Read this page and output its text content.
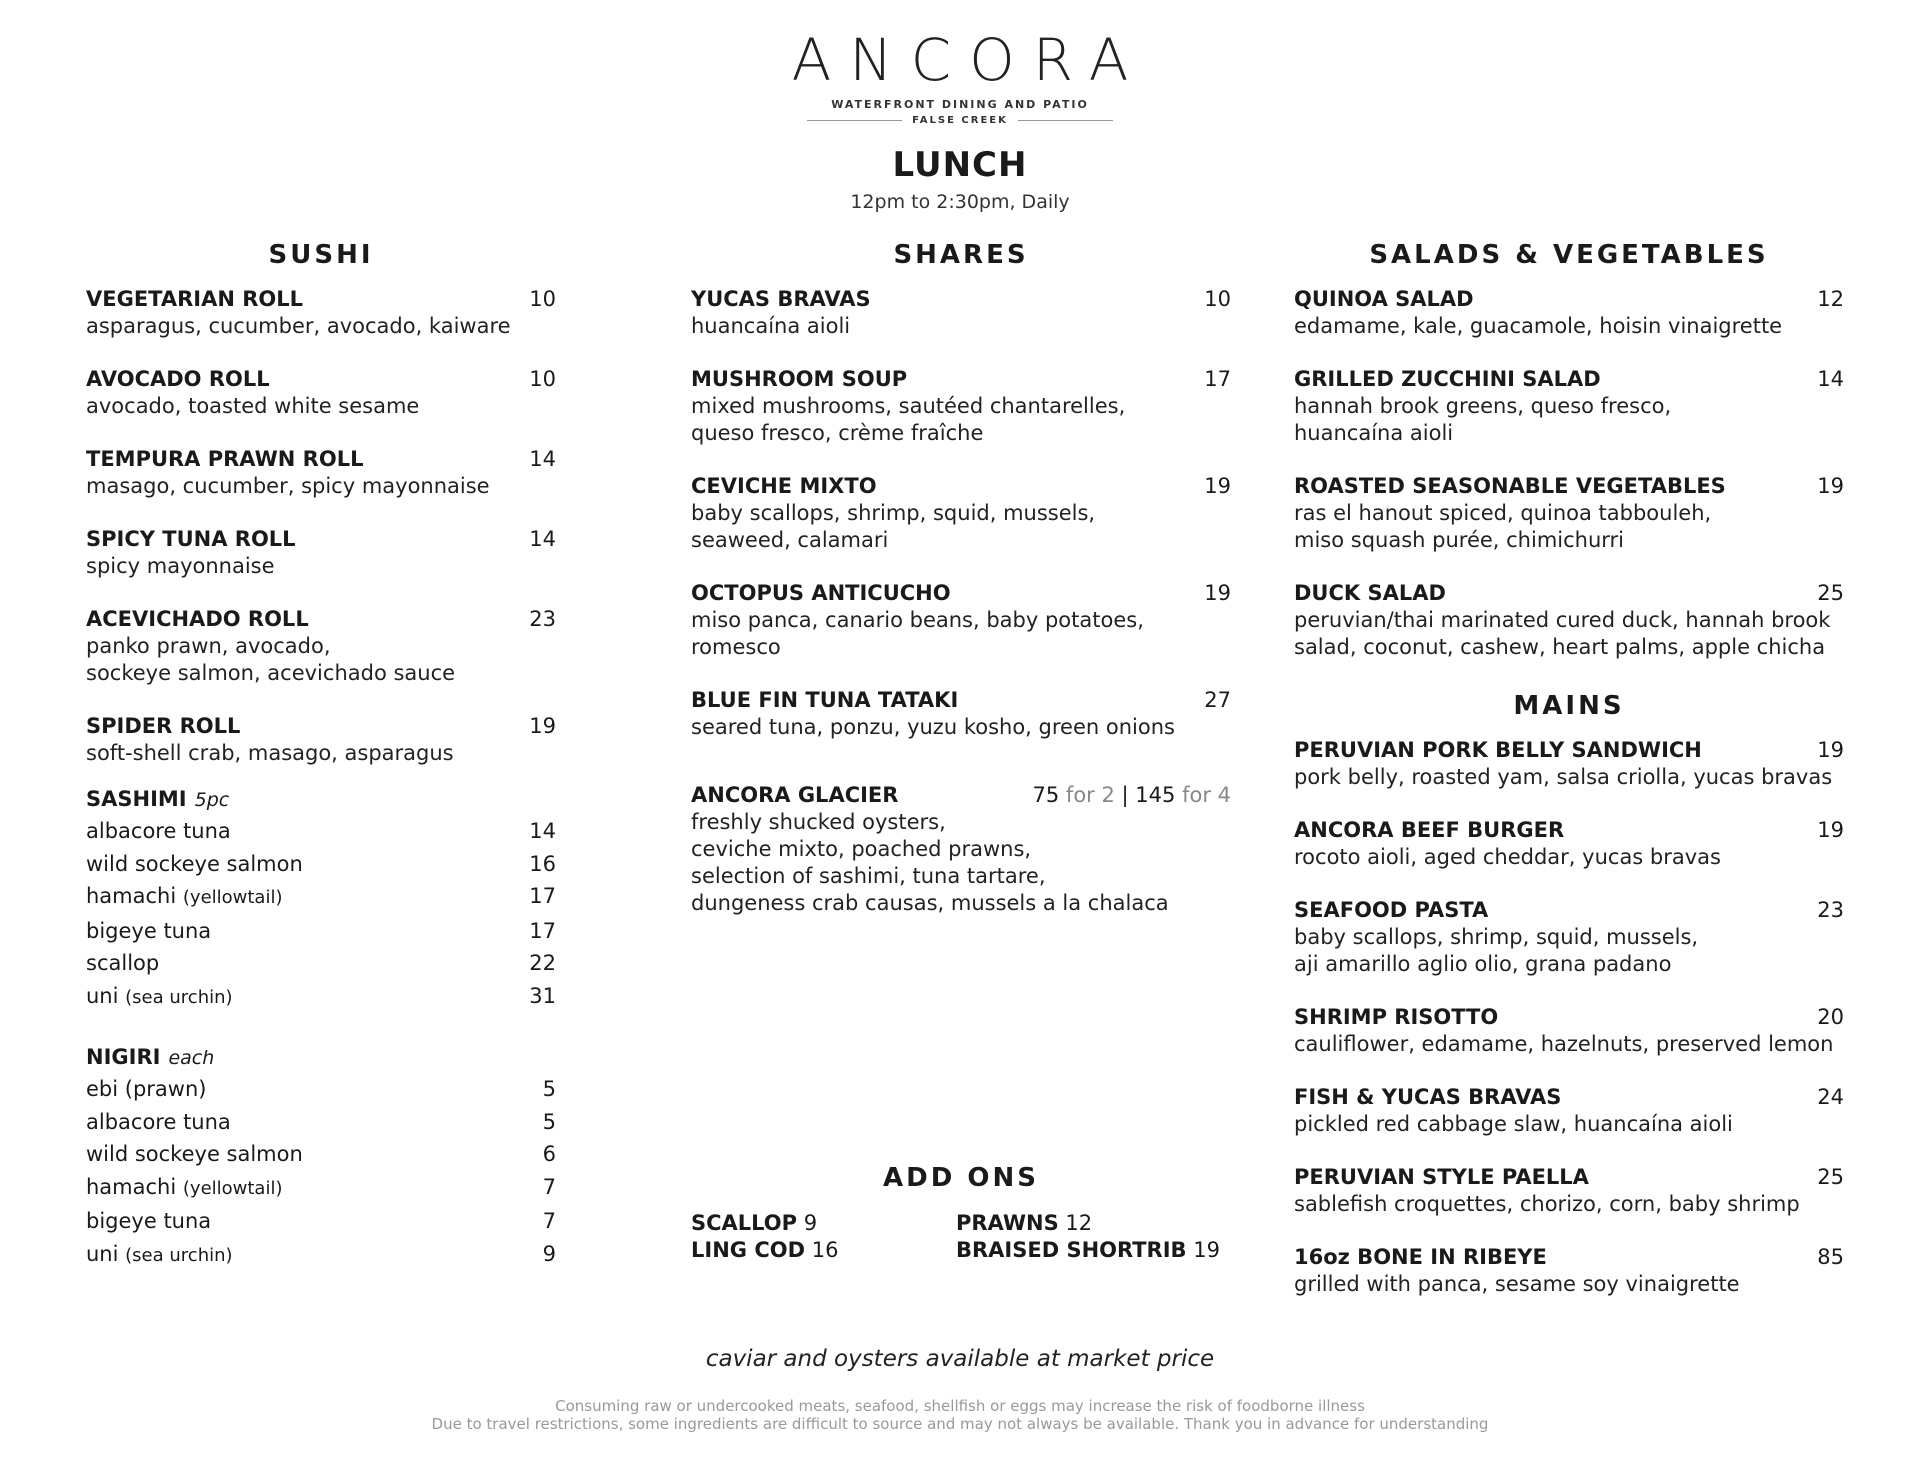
ANCORA
WATERFRONT DINING AND PATIO
FALSE CREEK
LUNCH
12pm to 2:30pm, Daily
SUSHI
VEGETARIAN ROLL	10
asparagus, cucumber, avocado, kaiware
AVOCADO ROLL	10
avocado, toasted white sesame
TEMPURA PRAWN ROLL	14
masago, cucumber, spicy mayonnaise
SPICY TUNA ROLL	14
spicy mayonnaise
ACEVICHADO ROLL	23
panko prawn, avocado,
sockeye salmon, acevichado sauce
SPIDER ROLL	19
soft-shell crab, masago, asparagus
SASHIMI 5pc
albacore tuna	14
wild sockeye salmon	16
hamachi (yellowtail)	17
bigeye tuna	17
scallop	22
uni (sea urchin)	31
NIGIRI each
ebi (prawn)	5
albacore tuna	5
wild sockeye salmon	6
hamachi (yellowtail)	7
bigeye tuna	7
uni (sea urchin)	9
SHARES
YUCAS BRAVAS	10
huancaína aioli
MUSHROOM SOUP	17
mixed mushrooms, sautéed chantarelles,
queso fresco, crème fraîche
CEVICHE MIXTO	19
baby scallops, shrimp, squid, mussels,
seaweed, calamari
OCTOPUS ANTICUCHO	19
miso panca, canario beans, baby potatoes,
romesco
BLUE FIN TUNA TATAKI	27
seared tuna, ponzu, yuzu kosho, green onions
ANCORA GLACIER	75 for 2 | 145 for 4
freshly shucked oysters,
ceviche mixto, poached prawns,
selection of sashimi, tuna tartare,
dungeness crab causas, mussels a la chalaca
ADD ONS
SCALLOP 9	PRAWNS 12
LING COD 16	BRAISED SHORTRIB 19
SALADS & VEGETABLES
QUINOA SALAD	12
edamame, kale, guacamole, hoisin vinaigrette
GRILLED ZUCCHINI SALAD	14
hannah brook greens, queso fresco,
huancaína aioli
ROASTED SEASONABLE VEGETABLES	19
ras el hanout spiced, quinoa tabbouleh,
miso squash purée, chimichurri
DUCK SALAD	25
peruvian/thai marinated cured duck, hannah brook
salad, coconut, cashew, heart palms, apple chicha
MAINS
PERUVIAN PORK BELLY SANDWICH	19
pork belly, roasted yam, salsa criolla, yucas bravas
ANCORA BEEF BURGER	19
rocoto aioli, aged cheddar, yucas bravas
SEAFOOD PASTA	23
baby scallops, shrimp, squid, mussels,
aji amarillo aglio olio, grana padano
SHRIMP RISOTTO	20
cauliflower, edamame, hazelnuts, preserved lemon
FISH & YUCAS BRAVAS	24
pickled red cabbage slaw, huancaína aioli
PERUVIAN STYLE PAELLA	25
sablefish croquettes, chorizo, corn, baby shrimp
16oz BONE IN RIBEYE	85
grilled with panca, sesame soy vinaigrette
caviar and oysters available at market price
Consuming raw or undercooked meats, seafood, shellfish or eggs may increase the risk of foodborne illness
Due to travel restrictions, some ingredients are difficult to source and may not always be available. Thank you in advance for understanding
